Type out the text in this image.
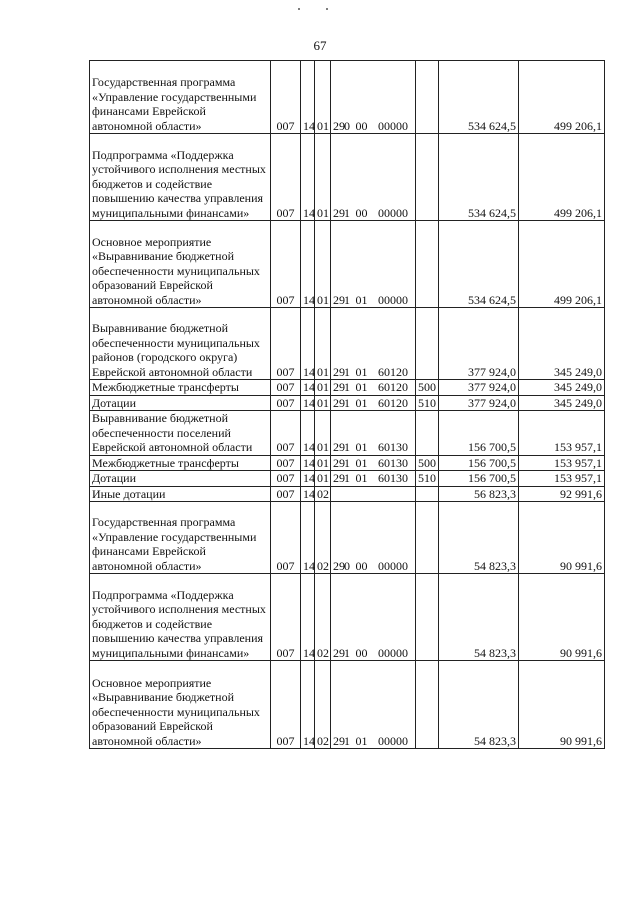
67
Государственная программа «Управление государственными финансами Еврейской автономной области»	007	14	01	290 00 00000		534 624,5	499 206,1
Подпрограмма «Поддержка устойчивого исполнения местных бюджетов и содействие повышению качества управления муниципальными финансами»	007	14	01	291 00 00000		534 624,5	499 206,1
Основное мероприятие «Выравнивание бюджетной обеспеченности муниципальных образований Еврейской автономной области»	007	14	01	291 01 00000		534 624,5	499 206,1
Выравнивание бюджетной обеспеченности муниципальных районов (городского округа) Еврейской автономной области	007	14	01	291 01 60120		377 924,0	345 249,0
Межбюджетные трансферты	007	14	01	291 01 60120	500	377 924,0	345 249,0
Дотации	007	14	01	291 01 60120	510	377 924,0	345 249,0
Выравнивание бюджетной обеспеченности поселений Еврейской автономной области	007	14	01	291 01 60130		156 700,5	153 957,1
Межбюджетные трансферты	007	14	01	291 01 60130	500	156 700,5	153 957,1
Дотации	007	14	01	291 01 60130	510	156 700,5	153 957,1
Иные дотации	007	14	02			56 823,3	92 991,6
Государственная программа «Управление государственными финансами Еврейской автономной области»	007	14	02	290 00 00000		54 823,3	90 991,6
Подпрограмма «Поддержка устойчивого исполнения местных бюджетов и содействие повышению качества управления муниципальными финансами»	007	14	02	291 00 00000		54 823,3	90 991,6
Основное мероприятие «Выравнивание бюджетной обеспеченности муниципальных образований Еврейской автономной области»	007	14	02	291 01 00000		54 823,3	90 991,6
